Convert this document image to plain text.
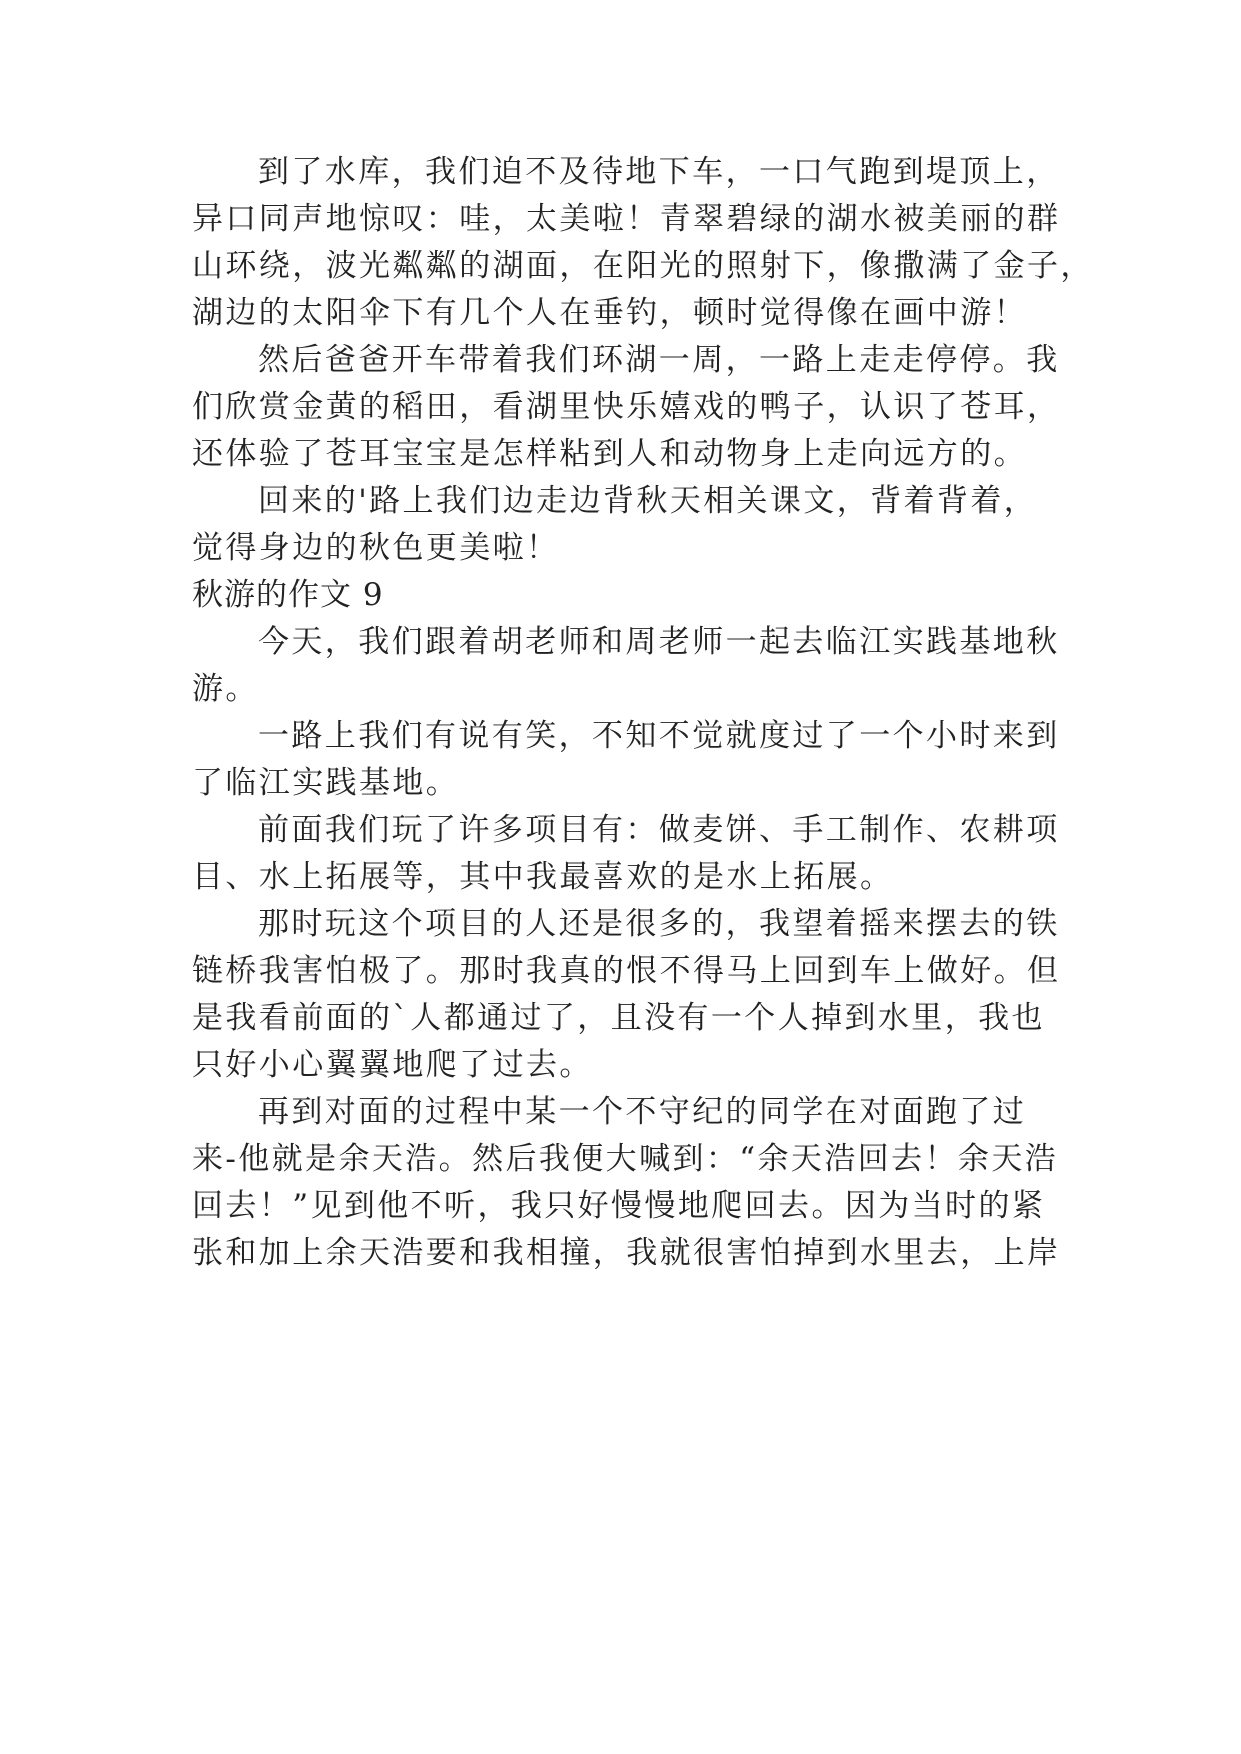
到了水库，我们迫不及待地下车，一口气跑到堤顶上，
异口同声地惊叹：哇，太美啦！青翠碧绿的湖水被美丽的群
山环绕，波光粼粼的湖面，在阳光的照射下，像撒满了金子，
湖边的太阳伞下有几个人在垂钓，顿时觉得像在画中游！
然后爸爸开车带着我们环湖一周，一路上走走停停。我
们欣赏金黄的稻田，看湖里快乐嬉戏的鸭子，认识了苍耳，
还体验了苍耳宝宝是怎样粘到人和动物身上走向远方的。
回来的'路上我们边走边背秋天相关课文，背着背着，
觉得身边的秋色更美啦！
秋游的作文 9
今天，我们跟着胡老师和周老师一起去临江实践基地秋
游。
一路上我们有说有笑，不知不觉就度过了一个小时来到
了临江实践基地。
前面我们玩了许多项目有：做麦饼、手工制作、农耕项
目、水上拓展等，其中我最喜欢的是水上拓展。
那时玩这个项目的人还是很多的，我望着摇来摆去的铁
链桥我害怕极了。那时我真的恨不得马上回到车上做好。但
是我看前面的`人都通过了，且没有一个人掉到水里，我也
只好小心翼翼地爬了过去。
再到对面的过程中某一个不守纪的同学在对面跑了过
来-他就是余天浩。然后我便大喊到：“余天浩回去！余天浩
回去！”见到他不听，我只好慢慢地爬回去。因为当时的紧
张和加上余天浩要和我相撞，我就很害怕掉到水里去，上岸
